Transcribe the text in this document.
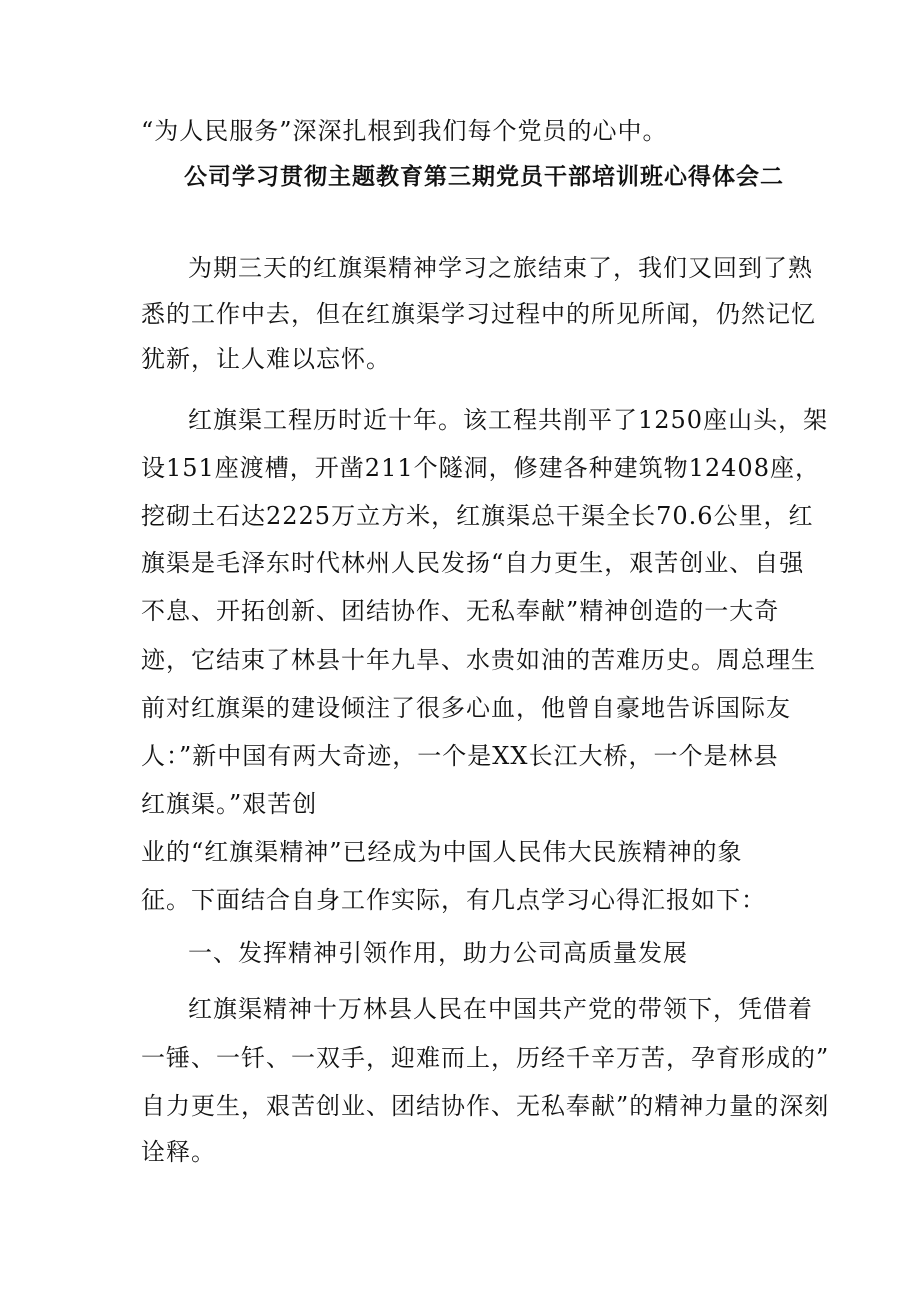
“为人民服务”深深扎根到我们每个党员的心中。
公司学习贯彻主题教育第三期党员干部培训班心得体会二
为期三天的红旗渠精神学习之旅结束了，我们又回到了熟
悉的工作中去，但在红旗渠学习过程中的所见所闻，仍然记忆
犹新，让人难以忘怀。
红旗渠工程历时近十年。该工程共削平了1250座山头，架
设151座渡槽，开凿211个隧洞，修建各种建筑物12408座，
挖砌土石达2225万立方米，红旗渠总干渠全长70.6公里，红
旗渠是毛泽东时代林州人民发扬“自力更生，艰苦创业、自强
不息、开拓创新、团结协作、无私奉献”精神创造的一大奇
迹，它结束了林县十年九旱、水贵如油的苦难历史。周总理生
前对红旗渠的建设倾注了很多心血，他曾自豪地告诉国际友
人：”新中国有两大奇迹，一个是XX长江大桥，一个是林县
红旗渠。”艰苦创
业的“红旗渠精神”已经成为中国人民伟大民族精神的象
征。下面结合自身工作实际，有几点学习心得汇报如下：
一、发挥精神引领作用，助力公司高质量发展
红旗渠精神十万林县人民在中国共产党的带领下，凭借着
一锤、一钎、一双手，迎难而上，历经千辛万苦，孕育形成的”
自力更生，艰苦创业、团结协作、无私奉献”的精神力量的深刻
诠释。
